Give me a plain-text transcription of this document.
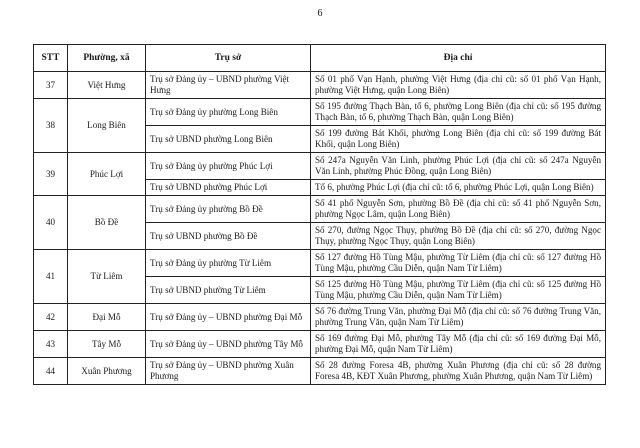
6
STT	Phường, xã	Trụ sở	Địa chỉ
37	Việt Hưng	Trụ sở Đảng ủy – UBND phường Việt Hưng	Số 01 phố Vạn Hạnh, phường Việt Hưng (địa chỉ cũ: số 01 phố Vạn Hạnh, phường Việt Hưng, quận Long Biên)
38	Long Biên	Trụ sở Đảng ủy phường Long Biên	Số 195 đường Thạch Bàn, tổ 6, phường Long Biên (địa chỉ cũ: số 195 đường Thạch Bàn, tổ 6, phường Thạch Bàn, quận Long Biên)
		Trụ sở UBND phường Long Biên	Số 199 đường Bát Khối, phường Long Biên (địa chỉ cũ: số 199 đường Bát Khối, quận Long Biên)
39	Phúc Lợi	Trụ sở Đảng ủy phường Phúc Lợi	Số 247a Nguyễn Văn Linh, phường Phúc Lợi (địa chỉ cũ: số 247a Nguyễn Văn Linh, phường Phúc Đồng, quận Long Biên)
		Trụ sở UBND phường Phúc Lợi	Tổ 6, phường Phúc Lợi (địa chỉ cũ: tổ 6, phường Phúc Lợi, quận Long Biên)
40	Bồ Đề	Trụ sở Đảng ủy phường Bồ Đề	Số 41 phố Nguyễn Sơn, phường Bồ Đề (địa chỉ cũ: số 41 phố Nguyễn Sơn, phường Ngọc Lâm, quận Long Biên)
		Trụ sở UBND phường Bồ Đề	Số 270, đường Ngọc Thụy, phường Bồ Đề (địa chỉ cũ: số 270, đường Ngọc Thụy, phường Ngọc Thụy, quận Long Biên)
41	Từ Liêm	Trụ sở Đảng ủy phường Từ Liêm	Số 127 đường Hồ Tùng Mậu, phường Từ Liêm (địa chỉ cũ: số 127 đường Hồ Tùng Mậu, phường Cầu Diễn, quận Nam Từ Liêm)
		Trụ sở UBND phường Từ Liêm	Số 125 đường Hồ Tùng Mậu, phường Từ Liêm (địa chỉ cũ: số 125 đường Hồ Tùng Mậu, phường Cầu Diễn, quận Nam Từ Liêm)
42	Đại Mỗ	Trụ sở Đảng ủy – UBND phường Đại Mỗ	Số 76 đường Trung Văn, phường Đại Mỗ (địa chỉ cũ: số 76 đường Trung Văn, phường Trung Văn, quận Nam Từ Liêm)
43	Tây Mỗ	Trụ sở Đảng ủy – UBND phường Tây Mỗ	Số 169 đường Đại Mỗ, phường Tây Mỗ (địa chỉ cũ: số 169 đường Đại Mỗ, phường Đại Mỗ, quận Nam Từ Liêm)
44	Xuân Phương	Trụ sở Đảng ủy – UBND phường Xuân Phương	Số 28 đường Foresa 4B, phường Xuân Phương (địa chỉ cũ: số 28 đường Foresa 4B, KĐT Xuân Phương, phường Xuân Phương, quận Nam Từ Liêm)
